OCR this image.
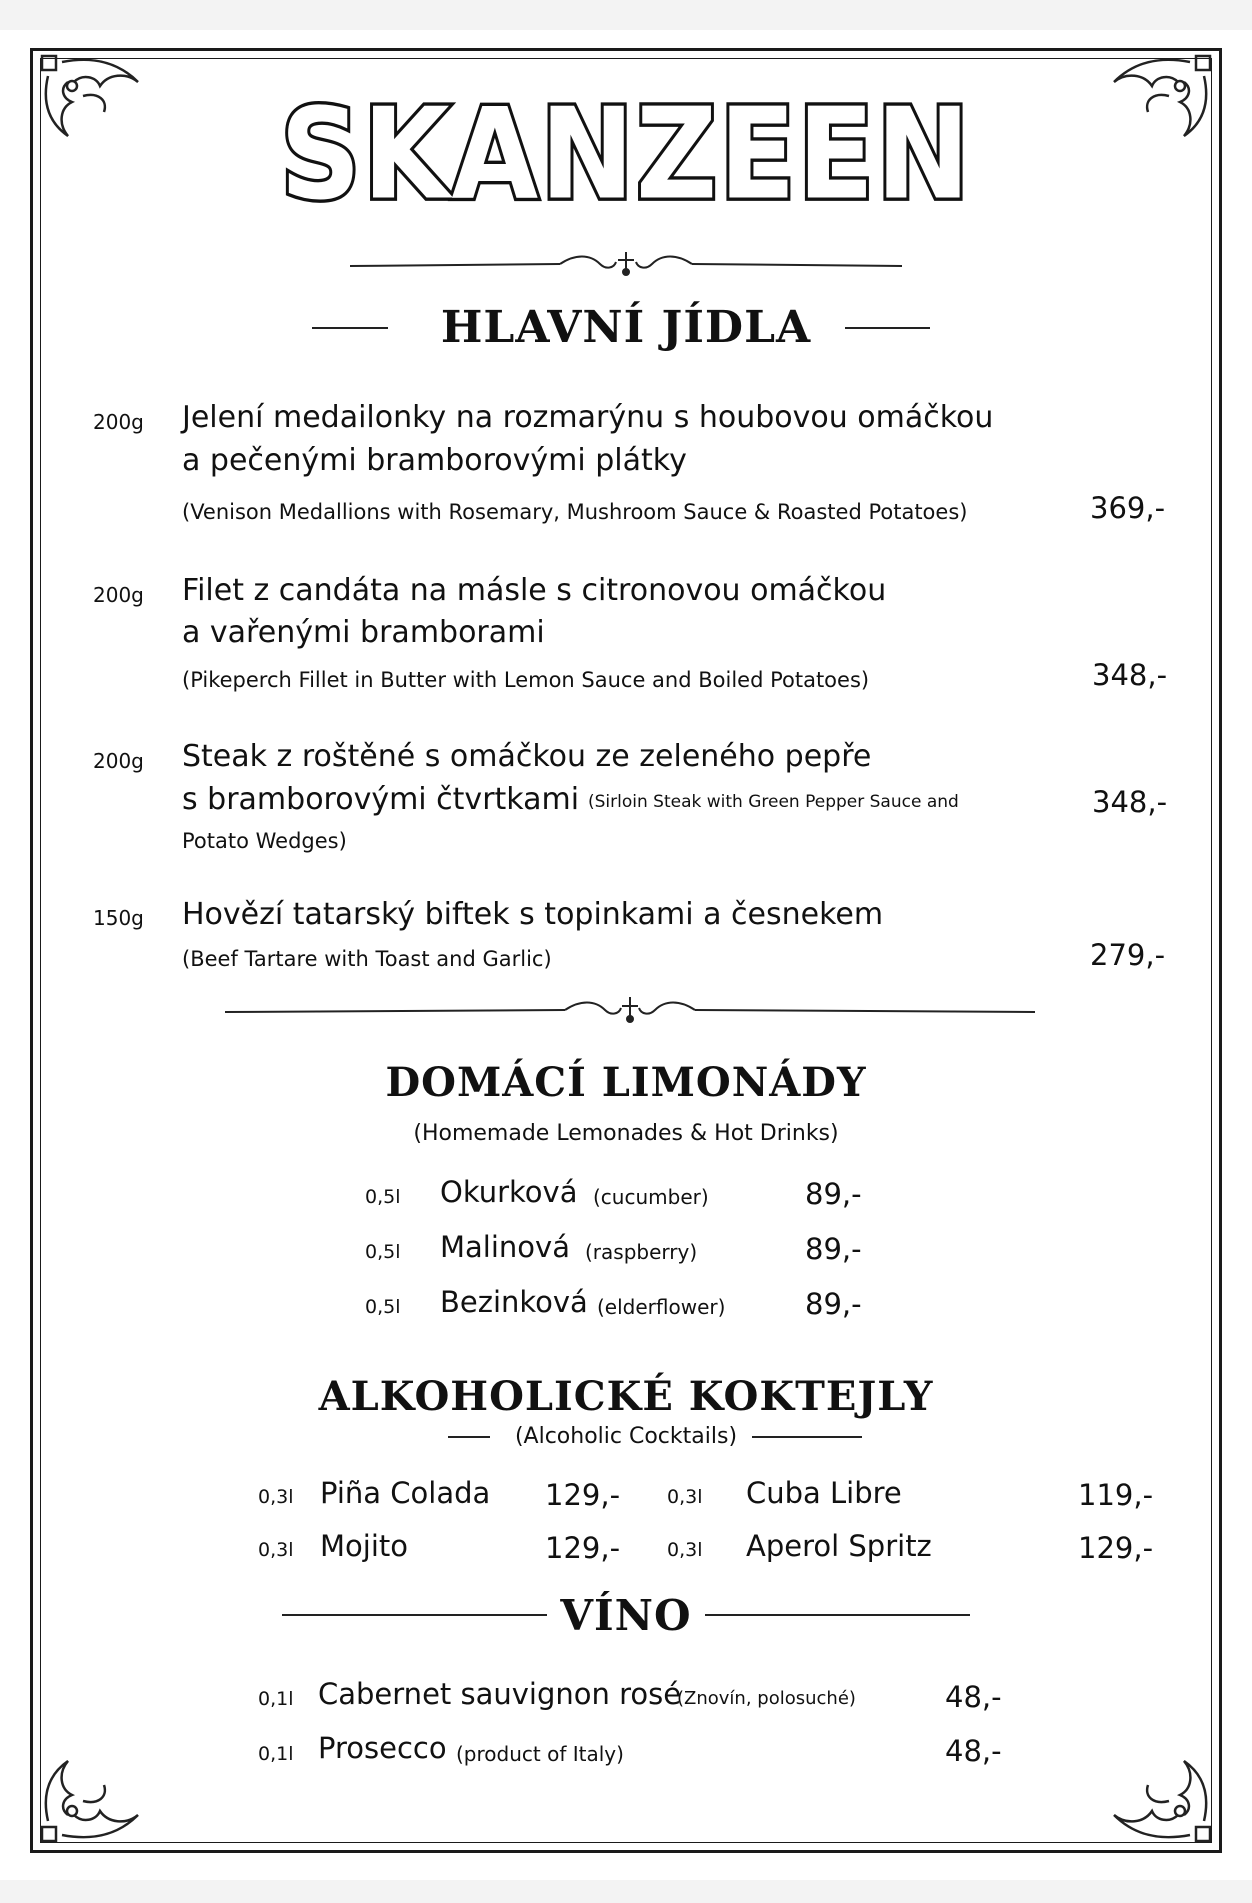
SKANZEEN
HLAVNÍ JÍDLA
200g Jelení medailonky na rozmarýnu s houbovou omáčkou
a pečenými bramborovými plátky
(Venison Medallions with Rosemary, Mushroom Sauce & Roasted Potatoes)	369,-
200g Filet z candáta na másle s citronovou omáčkou
a vařenými bramborami
(Pikeperch Fillet in Butter with Lemon Sauce and Boiled Potatoes)	348,-
200g Steak z roštěné s omáčkou ze zeleného pepře
s bramborovými čtvrtkami (Sirloin Steak with Green Pepper Sauce and
Potato Wedges)
348,-
150g Hovězí tatarský biftek s topinkami a česnekem
(Beef Tartare with Toast and Garlic)	279,-
DOMÁCÍ LIMONÁDY
(Homemade Lemonades & Hot Drinks)
0,5l Okurková (cucumber)	89,-
0,5l Malinová (raspberry)	89,-
0,5l Bezinková (elderflower)	89,-
ALKOHOLICKÉ KOKTEJLY
(Alcoholic Cocktails)
0,3l Piña Colada 129,- 0,3l Cuba Libre	119,-
0,3l Mojito	129,- 0,3l Aperol Spritz	129,-
VÍNO
0,1l Cabernet sauvignon rosé
(Znovín, polosuché)	48,-
0,1l Prosecco (product of Italy)	48,-
